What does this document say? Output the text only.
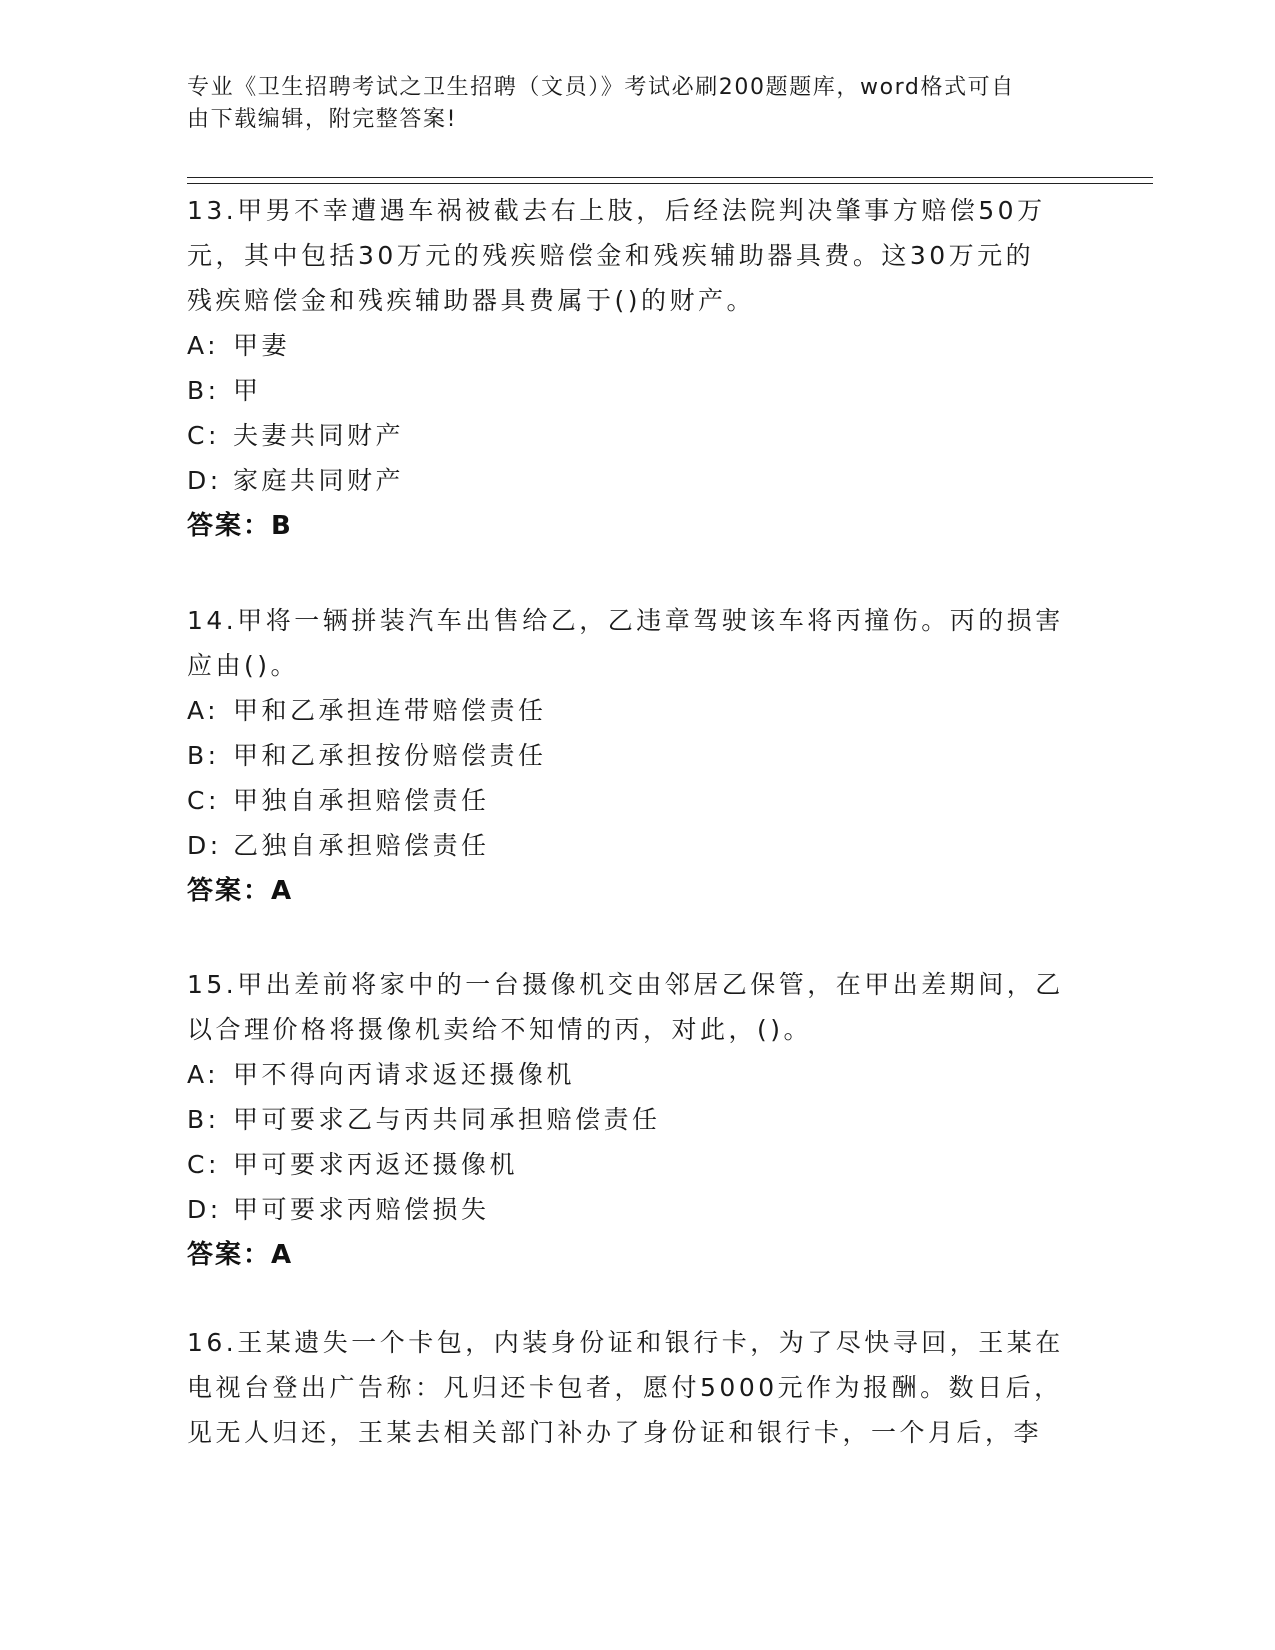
专业《卫生招聘考试之卫生招聘（文员）》考试必刷200题题库，word格式可自
由下载编辑，附完整答案!

13.甲男不幸遭遇车祸被截去右上肢，后经法院判决肇事方赔偿50万

元，其中包括30万元的残疾赔偿金和残疾辅助器具费。这30万元的

残疾赔偿金和残疾辅助器具费属于()的财产。

A: 甲妻

B: 甲

C: 夫妻共同财产

D: 家庭共同财产

答案：B

14.甲将一辆拼装汽车出售给乙，乙违章驾驶该车将丙撞伤。丙的损害

应由()。

A: 甲和乙承担连带赔偿责任

B: 甲和乙承担按份赔偿责任

C: 甲独自承担赔偿责任

D: 乙独自承担赔偿责任

答案：A

15.甲出差前将家中的一台摄像机交由邻居乙保管，在甲出差期间，乙

以合理价格将摄像机卖给不知情的丙，对此，()。

A: 甲不得向丙请求返还摄像机

B: 甲可要求乙与丙共同承担赔偿责任

C: 甲可要求丙返还摄像机

D: 甲可要求丙赔偿损失

答案：A

16.王某遗失一个卡包，内装身份证和银行卡，为了尽快寻回，王某在

电视台登出广告称：凡归还卡包者，愿付5000元作为报酬。数日后，

见无人归还，王某去相关部门补办了身份证和银行卡，一个月后，李
